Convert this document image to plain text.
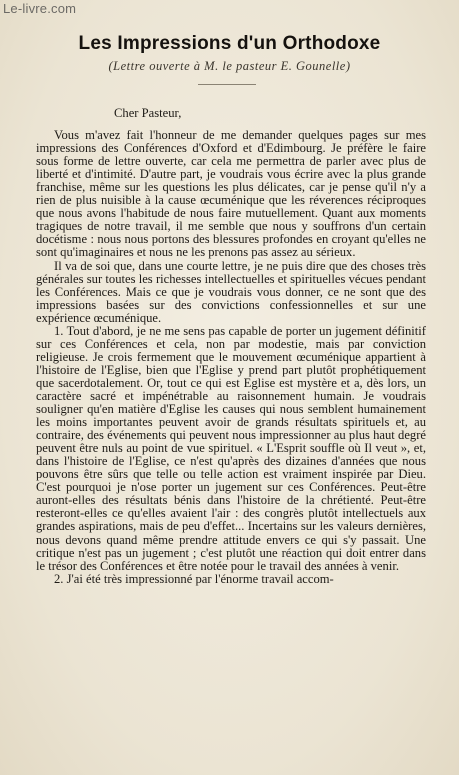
Le-livre.com
Les Impressions d'un Orthodoxe
(Lettre ouverte à M. le pasteur E. Gounelle)

Cher Pasteur,

Vous m'avez fait l'honneur de me demander quelques pages sur mes impressions des Conférences d'Oxford et d'Edimbourg. Je préfère le faire sous forme de lettre ouverte, car cela me permettra de parler avec plus de liberté et d'intimité. D'autre part, je voudrais vous écrire avec la plus grande franchise, même sur les questions les plus délicates, car je pense qu'il n'y a rien de plus nuisible à la cause œcuménique que les réverences réciproques que nous avons l'habitude de nous faire mutuellement. Quant aux moments tragiques de notre travail, il me semble que nous y souffrons d'un certain docétisme : nous nous portons des blessures profondes en croyant qu'elles ne sont qu'imaginaires et nous ne les prenons pas assez au sérieux.

Il va de soi que, dans une courte lettre, je ne puis dire que des choses très générales sur toutes les richesses intellectuelles et spirituelles vécues pendant les Conférences. Mais ce que je voudrais vous donner, ce ne sont que des impressions basées sur des convictions confessionnelles et sur une expérience œcuménique.

1. Tout d'abord, je ne me sens pas capable de porter un jugement définitif sur ces Conférences et cela, non par modestie, mais par conviction religieuse. Je crois fermement que le mouvement œcuménique appartient à l'histoire de l'Eglise, bien que l'Eglise y prend part plutôt prophétiquement que sacerdotalement. Or, tout ce qui est Eglise est mystère et a, dès lors, un caractère sacré et impénétrable au raisonnement humain. Je voudrais souligner qu'en matière d'Eglise les causes qui nous semblent humainement les moins importantes peuvent avoir de grands résultats spirituels et, au contraire, des événements qui peuvent nous impressionner au plus haut degré peuvent être nuls au point de vue spirituel. « L'Esprit souffle où Il veut », et, dans l'histoire de l'Eglise, ce n'est qu'après des dizaines d'années que nous pouvons être sûrs que telle ou telle action est vraiment inspirée par Dieu. C'est pourquoi je n'ose porter un jugement sur ces Conférences. Peut-être auront-elles des résultats bénis dans l'histoire de la chrétienté. Peut-être resteront-elles ce qu'elles avaient l'air : des congrès plutôt intellectuels aux grandes aspirations, mais de peu d'effet... Incertains sur les valeurs dernières, nous devons quand même prendre attitude envers ce qui s'y passait. Une critique n'est pas un jugement ; c'est plutôt une réaction qui doit entrer dans le trésor des Conférences et être notée pour le travail des années à venir.

2. J'ai été très impressionné par l'énorme travail accom-
